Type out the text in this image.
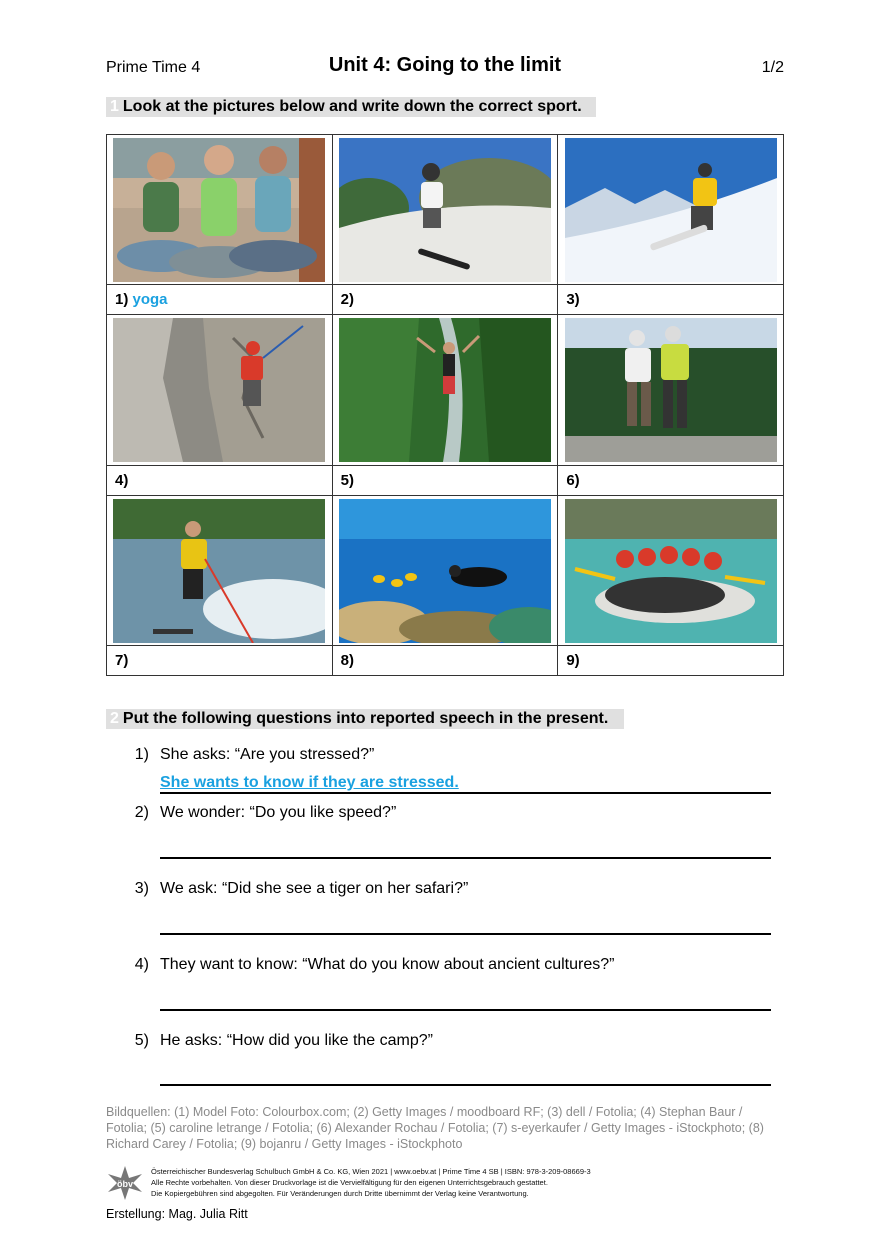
Prime Time 4	Unit 4: Going to the limit	1/2
1 Look at the pictures below and write down the correct sport.

1) yoga	2)	3)

4)	5)	6)

7)	8)	9)
2 Put the following questions into reported speech in the present.
1) She asks: “Are you stressed?”
She wants to know if they are stressed.
2) We wonder: “Do you like speed?”
3) We ask: “Did she see a tiger on her safari?”
4) They want to know: “What do you know about ancient cultures?”
5) He asks: “How did you like the camp?”
Bildquellen: (1) Model Foto: Colourbox.com; (2) Getty Images / moodboard RF; (3) dell / Fotolia; (4) Stephan Baur / Fotolia; (5) caroline letrange / Fotolia; (6) Alexander Rochau / Fotolia; (7) s-eyerkaufer / Getty Images - iStockphoto; (8) Richard Carey / Fotolia; (9) bojanru / Getty Images - iStockphoto
öbv
Österreichischer Bundesverlag Schulbuch GmbH & Co. KG, Wien 2021 | www.oebv.at | Prime Time 4 SB | ISBN: 978-3-209-08669-3
Alle Rechte vorbehalten. Von dieser Druckvorlage ist die Vervielfältigung für den eigenen Unterrichtsgebrauch gestattet.
Die Kopiergebühren sind abgegolten. Für Veränderungen durch Dritte übernimmt der Verlag keine Verantwortung.
Erstellung: Mag. Julia Ritt
